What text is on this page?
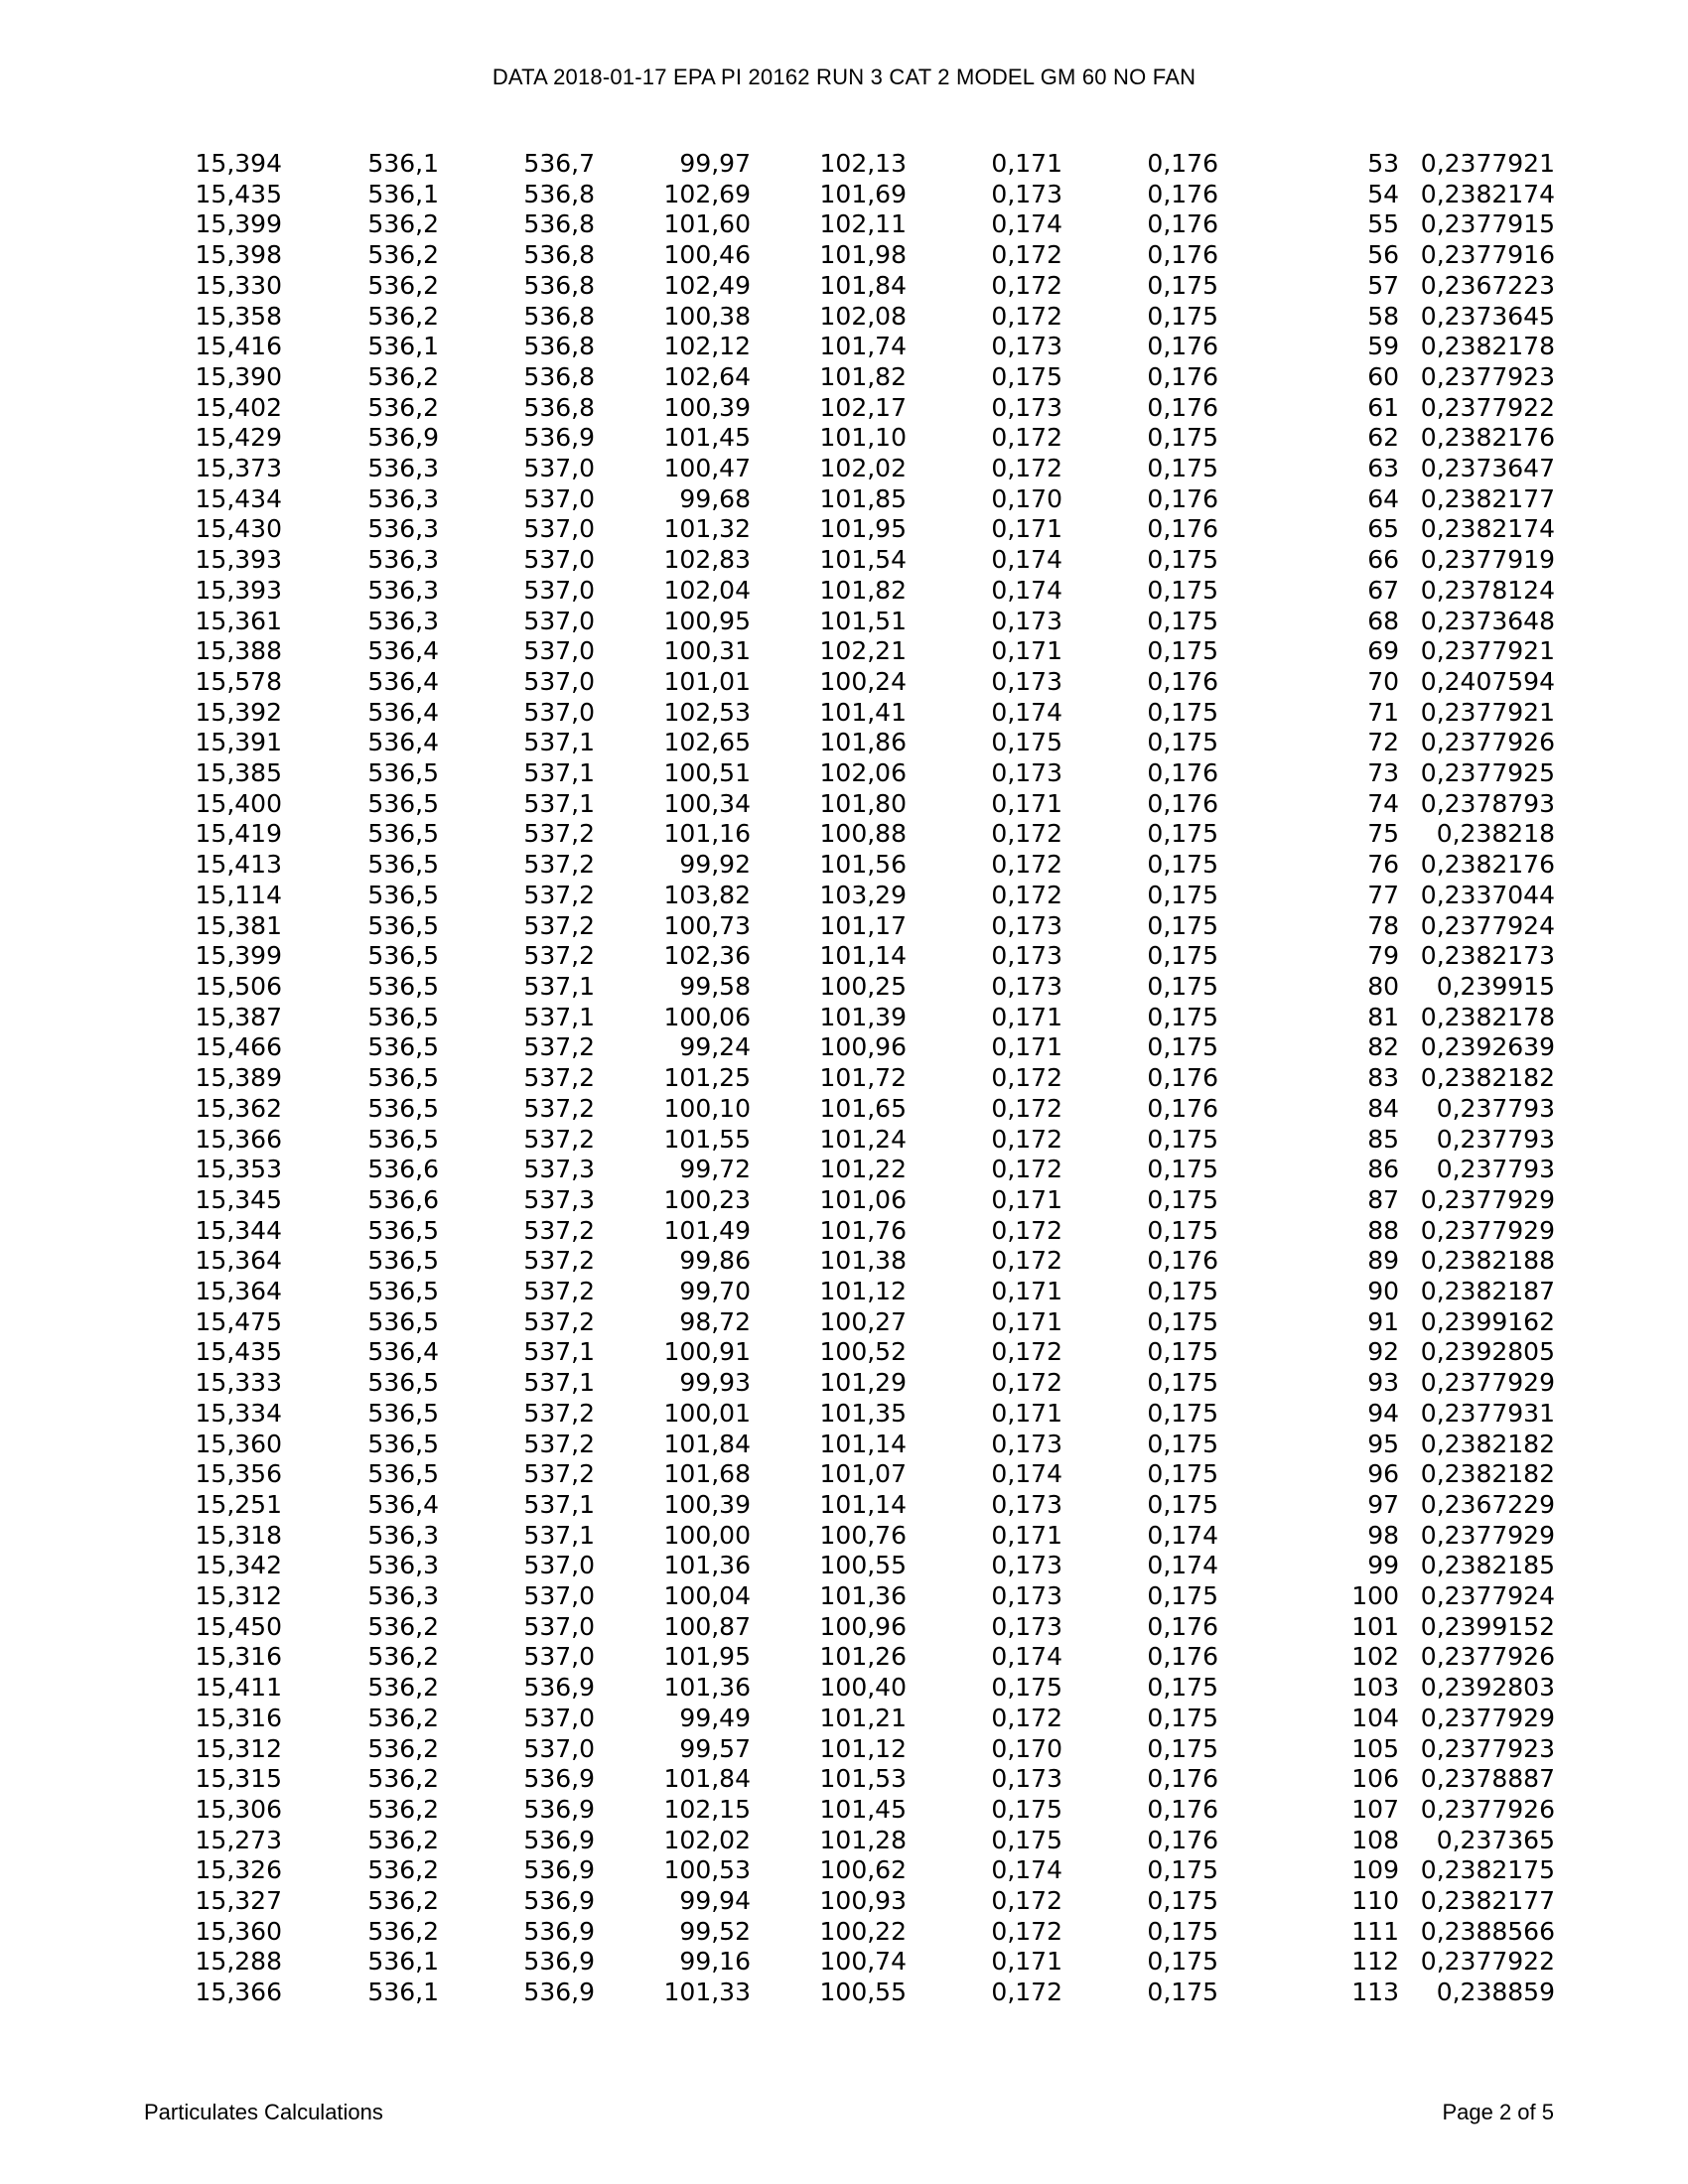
DATA 2018-01-17 EPA PI 20162 RUN 3 CAT 2 MODEL GM 60 NO FAN
15,394	536,1	536,7	99,97	102,13	0,171	0,176	53	0,2377921
15,435	536,1	536,8	102,69	101,69	0,173	0,176	54	0,2382174
15,399	536,2	536,8	101,60	102,11	0,174	0,176	55	0,2377915
15,398	536,2	536,8	100,46	101,98	0,172	0,176	56	0,2377916
15,330	536,2	536,8	102,49	101,84	0,172	0,175	57	0,2367223
15,358	536,2	536,8	100,38	102,08	0,172	0,175	58	0,2373645
15,416	536,1	536,8	102,12	101,74	0,173	0,176	59	0,2382178
15,390	536,2	536,8	102,64	101,82	0,175	0,176	60	0,2377923
15,402	536,2	536,8	100,39	102,17	0,173	0,176	61	0,2377922
15,429	536,9	536,9	101,45	101,10	0,172	0,175	62	0,2382176
15,373	536,3	537,0	100,47	102,02	0,172	0,175	63	0,2373647
15,434	536,3	537,0	99,68	101,85	0,170	0,176	64	0,2382177
15,430	536,3	537,0	101,32	101,95	0,171	0,176	65	0,2382174
15,393	536,3	537,0	102,83	101,54	0,174	0,175	66	0,2377919
15,393	536,3	537,0	102,04	101,82	0,174	0,175	67	0,2378124
15,361	536,3	537,0	100,95	101,51	0,173	0,175	68	0,2373648
15,388	536,4	537,0	100,31	102,21	0,171	0,175	69	0,2377921
15,578	536,4	537,0	101,01	100,24	0,173	0,176	70	0,2407594
15,392	536,4	537,0	102,53	101,41	0,174	0,175	71	0,2377921
15,391	536,4	537,1	102,65	101,86	0,175	0,175	72	0,2377926
15,385	536,5	537,1	100,51	102,06	0,173	0,176	73	0,2377925
15,400	536,5	537,1	100,34	101,80	0,171	0,176	74	0,2378793
15,419	536,5	537,2	101,16	100,88	0,172	0,175	75	0,238218
15,413	536,5	537,2	99,92	101,56	0,172	0,175	76	0,2382176
15,114	536,5	537,2	103,82	103,29	0,172	0,175	77	0,2337044
15,381	536,5	537,2	100,73	101,17	0,173	0,175	78	0,2377924
15,399	536,5	537,2	102,36	101,14	0,173	0,175	79	0,2382173
15,506	536,5	537,1	99,58	100,25	0,173	0,175	80	0,239915
15,387	536,5	537,1	100,06	101,39	0,171	0,175	81	0,2382178
15,466	536,5	537,2	99,24	100,96	0,171	0,175	82	0,2392639
15,389	536,5	537,2	101,25	101,72	0,172	0,176	83	0,2382182
15,362	536,5	537,2	100,10	101,65	0,172	0,176	84	0,237793
15,366	536,5	537,2	101,55	101,24	0,172	0,175	85	0,237793
15,353	536,6	537,3	99,72	101,22	0,172	0,175	86	0,237793
15,345	536,6	537,3	100,23	101,06	0,171	0,175	87	0,2377929
15,344	536,5	537,2	101,49	101,76	0,172	0,175	88	0,2377929
15,364	536,5	537,2	99,86	101,38	0,172	0,176	89	0,2382188
15,364	536,5	537,2	99,70	101,12	0,171	0,175	90	0,2382187
15,475	536,5	537,2	98,72	100,27	0,171	0,175	91	0,2399162
15,435	536,4	537,1	100,91	100,52	0,172	0,175	92	0,2392805
15,333	536,5	537,1	99,93	101,29	0,172	0,175	93	0,2377929
15,334	536,5	537,2	100,01	101,35	0,171	0,175	94	0,2377931
15,360	536,5	537,2	101,84	101,14	0,173	0,175	95	0,2382182
15,356	536,5	537,2	101,68	101,07	0,174	0,175	96	0,2382182
15,251	536,4	537,1	100,39	101,14	0,173	0,175	97	0,2367229
15,318	536,3	537,1	100,00	100,76	0,171	0,174	98	0,2377929
15,342	536,3	537,0	101,36	100,55	0,173	0,174	99	0,2382185
15,312	536,3	537,0	100,04	101,36	0,173	0,175	100	0,2377924
15,450	536,2	537,0	100,87	100,96	0,173	0,176	101	0,2399152
15,316	536,2	537,0	101,95	101,26	0,174	0,176	102	0,2377926
15,411	536,2	536,9	101,36	100,40	0,175	0,175	103	0,2392803
15,316	536,2	537,0	99,49	101,21	0,172	0,175	104	0,2377929
15,312	536,2	537,0	99,57	101,12	0,170	0,175	105	0,2377923
15,315	536,2	536,9	101,84	101,53	0,173	0,176	106	0,2378887
15,306	536,2	536,9	102,15	101,45	0,175	0,176	107	0,2377926
15,273	536,2	536,9	102,02	101,28	0,175	0,176	108	0,237365
15,326	536,2	536,9	100,53	100,62	0,174	0,175	109	0,2382175
15,327	536,2	536,9	99,94	100,93	0,172	0,175	110	0,2382177
15,360	536,2	536,9	99,52	100,22	0,172	0,175	111	0,2388566
15,288	536,1	536,9	99,16	100,74	0,171	0,175	112	0,2377922
15,366	536,1	536,9	101,33	100,55	0,172	0,175	113	0,238859
Particulates Calculations	Page 2 of 5
